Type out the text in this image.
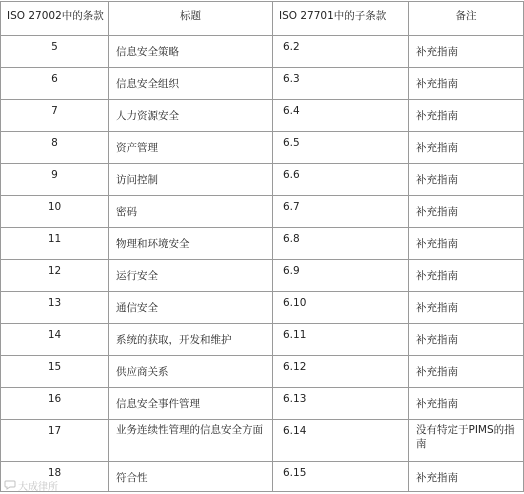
ISO 27002中的条款	标题	ISO 27701中的子条款	备注

5	信息安全策略	6.2	补充指南
6	信息安全组织	6.3	补充指南
7	人力资源安全	6.4	补充指南
8	资产管理	6.5	补充指南
9	访问控制	6.6	补充指南
10	密码	6.7	补充指南
11	物理和环境安全	6.8	补充指南
12	运行安全	6.9	补充指南
13	通信安全	6.10	补充指南
14	系统的获取，开发和维护	6.11	补充指南
15	供应商关系	6.12	补充指南
16	信息安全事件管理	6.13	补充指南
17	业务连续性管理的信息安全方面	6.14	没有特定于PIMS的指南
18	符合性	6.15	补充指南
大成律所
